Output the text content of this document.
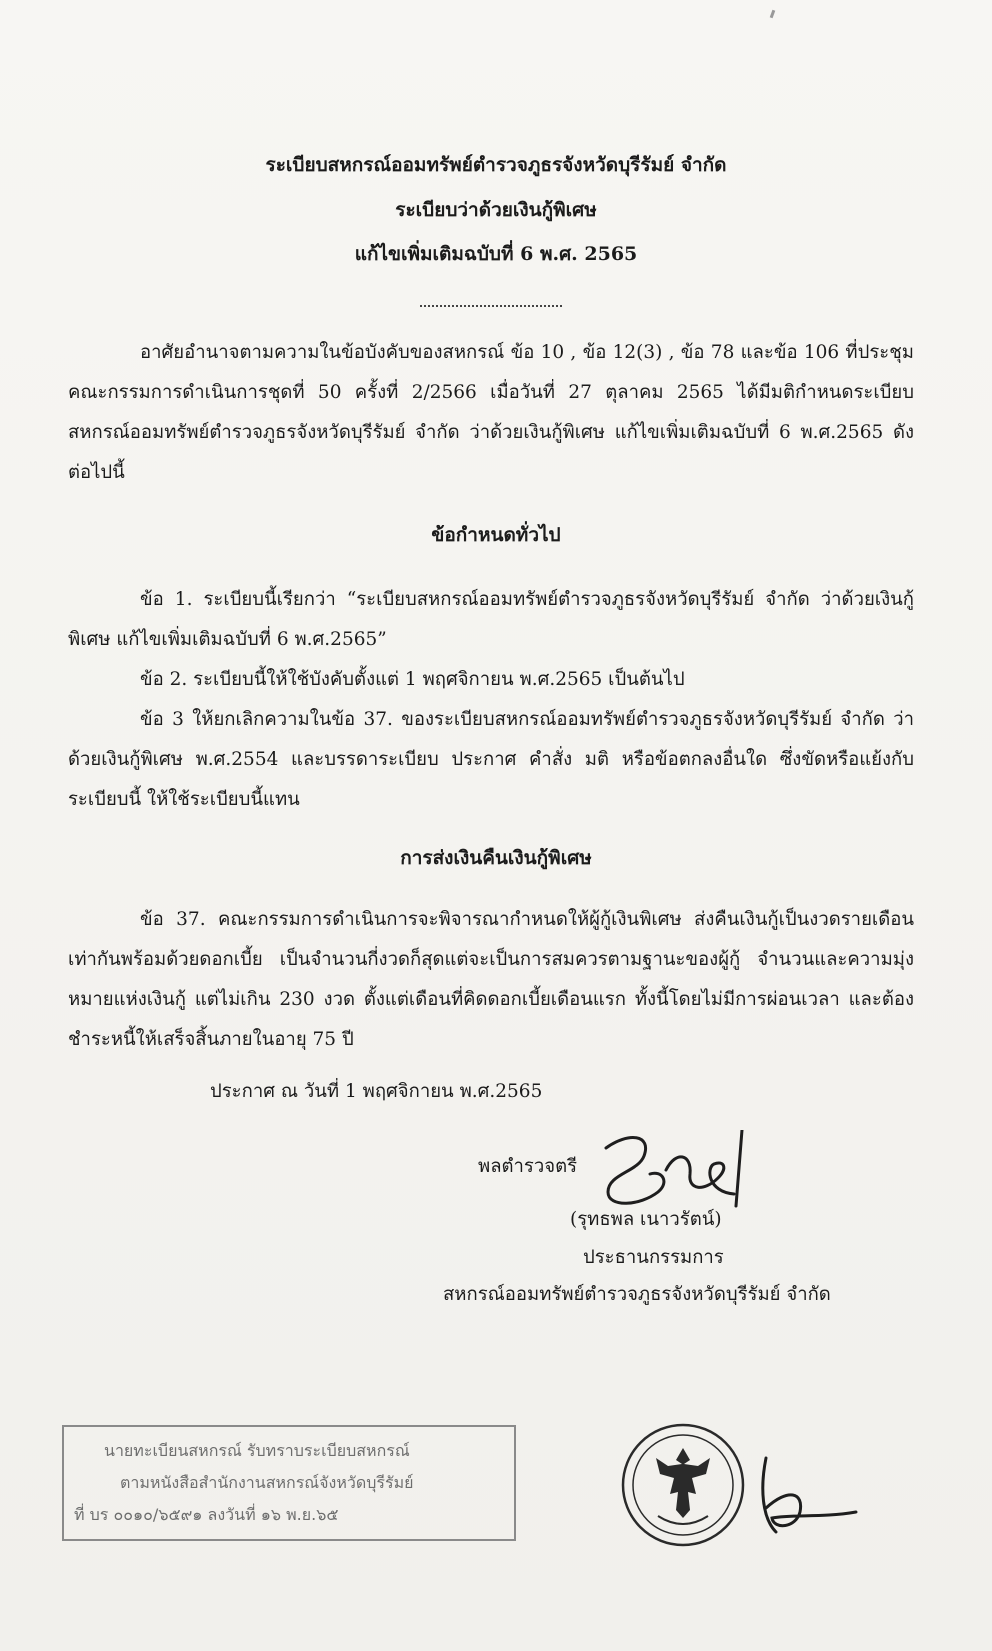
ระเบียบสหกรณ์ออมทรัพย์ตำรวจภูธรจังหวัดบุรีรัมย์ จำกัด
ระเบียบว่าด้วยเงินกู้พิเศษ
แก้ไขเพิ่มเติมฉบับที่ 6 พ.ศ. 2565
อาศัยอำนาจตามความในข้อบังคับของสหกรณ์ ข้อ 10 , ข้อ 12(3) , ข้อ 78 และข้อ 106 ที่ประชุมคณะกรรมการดำเนินการชุดที่ 50 ครั้งที่ 2/2566 เมื่อวันที่ 27 ตุลาคม 2565 ได้มีมติกำหนดระเบียบสหกรณ์ออมทรัพย์ตำรวจภูธรจังหวัดบุรีรัมย์ จำกัด ว่าด้วยเงินกู้พิเศษ แก้ไขเพิ่มเติมฉบับที่ 6 พ.ศ.2565 ดังต่อไปนี้
ข้อกำหนดทั่วไป
ข้อ 1. ระเบียบนี้เรียกว่า “ระเบียบสหกรณ์ออมทรัพย์ตำรวจภูธรจังหวัดบุรีรัมย์ จำกัด ว่าด้วยเงินกู้พิเศษ แก้ไขเพิ่มเติมฉบับที่ 6 พ.ศ.2565”
ข้อ 2. ระเบียบนี้ให้ใช้บังคับตั้งแต่ 1 พฤศจิกายน พ.ศ.2565 เป็นต้นไป
ข้อ 3 ให้ยกเลิกความในข้อ 37. ของระเบียบสหกรณ์ออมทรัพย์ตำรวจภูธรจังหวัดบุรีรัมย์ จำกัด ว่าด้วยเงินกู้พิเศษ พ.ศ.2554 และบรรดาระเบียบ ประกาศ คำสั่ง มติ หรือข้อตกลงอื่นใด ซึ่งขัดหรือแย้งกับระเบียบนี้ ให้ใช้ระเบียบนี้แทน
การส่งเงินคืนเงินกู้พิเศษ
ข้อ 37. คณะกรรมการดำเนินการจะพิจารณากำหนดให้ผู้กู้เงินพิเศษ ส่งคืนเงินกู้เป็นงวดรายเดือนเท่ากันพร้อมด้วยดอกเบี้ย เป็นจำนวนกี่งวดก็สุดแต่จะเป็นการสมควรตามฐานะของผู้กู้ จำนวนและความมุ่งหมายแห่งเงินกู้ แต่ไม่เกิน 230 งวด ตั้งแต่เดือนที่คิดดอกเบี้ยเดือนแรก ทั้งนี้โดยไม่มีการผ่อนเวลา และต้องชำระหนี้ให้เสร็จสิ้นภายในอายุ 75 ปี
ประกาศ ณ วันที่ 1 พฤศจิกายน พ.ศ.2565
พลตำรวจตรี
(รุทธพล เนาวรัตน์)
ประธานกรรมการ
สหกรณ์ออมทรัพย์ตำรวจภูธรจังหวัดบุรีรัมย์ จำกัด
นายทะเบียนสหกรณ์ รับทราบระเบียบสหกรณ์
ตามหนังสือสำนักงานสหกรณ์จังหวัดบุรีรัมย์
ที่ บร ๐๐๑๐/๖๕๙๑ ลงวันที่ ๑๖ พ.ย.๖๕
